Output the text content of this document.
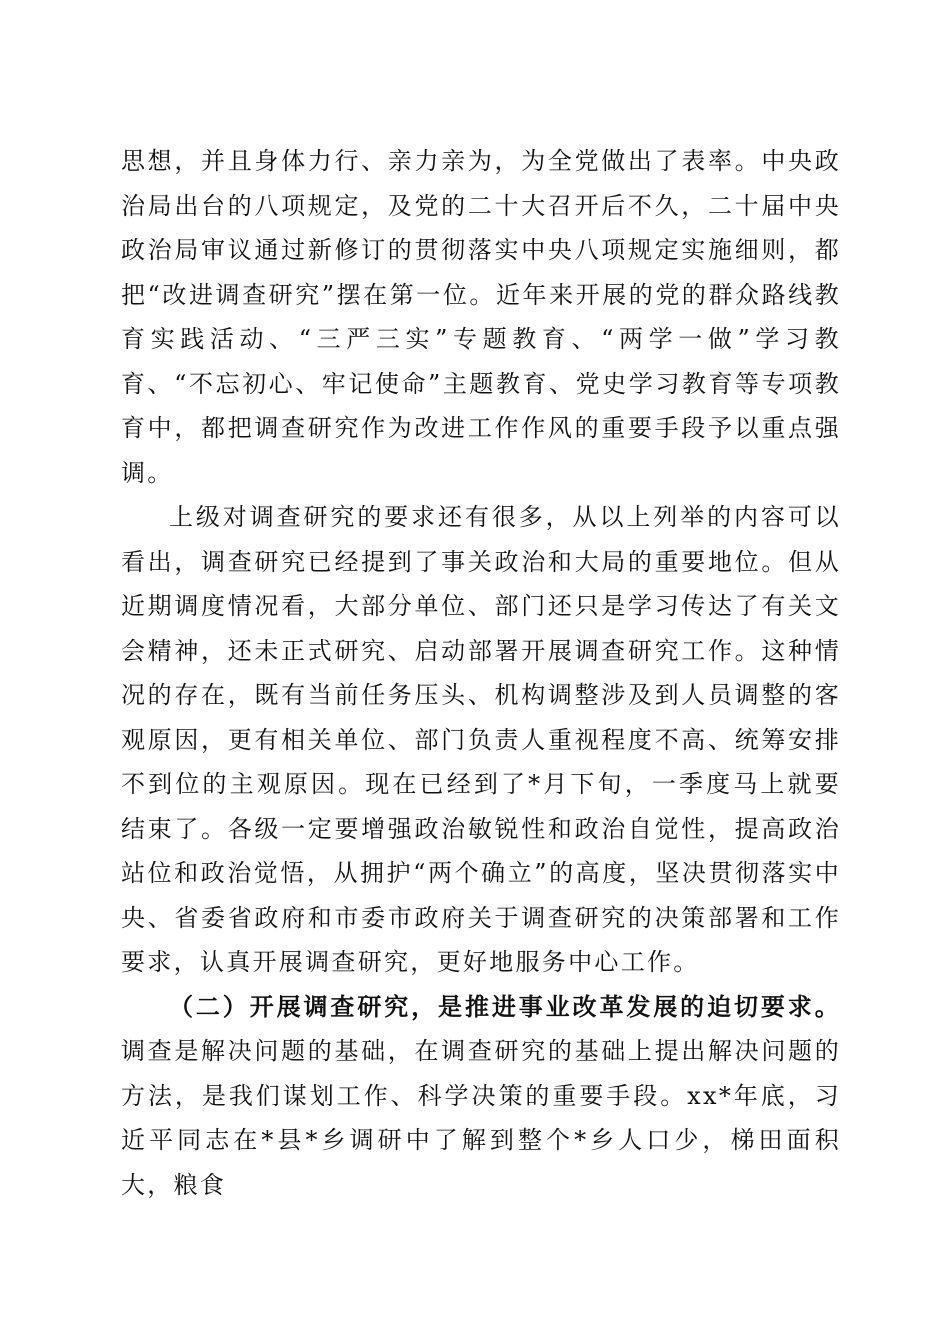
思想，并且身体力行、亲力亲为，为全党做出了表率。中央政治局出台的八项规定，及党的二十大召开后不久，二十届中央政治局审议通过新修订的贯彻落实中央八项规定实施细则，都把“改进调查研究”摆在第一位。近年来开展的党的群众路线教育实践活动、“三严三实”专题教育、“两学一做”学习教育、“不忘初心、牢记使命”主题教育、党史学习教育等专项教育中，都把调查研究作为改进工作作风的重要手段予以重点强调。

上级对调查研究的要求还有很多，从以上列举的内容可以看出，调查研究已经提到了事关政治和大局的重要地位。但从近期调度情况看，大部分单位、部门还只是学习传达了有关文会精神，还未正式研究、启动部署开展调查研究工作。这种情况的存在，既有当前任务压头、机构调整涉及到人员调整的客观原因，更有相关单位、部门负责人重视程度不高、统筹安排不到位的主观原因。现在已经到了*月下旬，一季度马上就要结束了。各级一定要增强政治敏锐性和政治自觉性，提高政治站位和政治觉悟，从拥护“两个确立”的高度，坚决贯彻落实中央、省委省政府和市委市政府关于调查研究的决策部署和工作要求，认真开展调查研究，更好地服务中心工作。

（二）开展调查研究，是推进事业改革发展的迫切要求。调查是解决问题的基础，在调查研究的基础上提出解决问题的方法，是我们谋划工作、科学决策的重要手段。xx*年底，习近平同志在*县*乡调研中了解到整个*乡人口少，梯田面积大，粮食
